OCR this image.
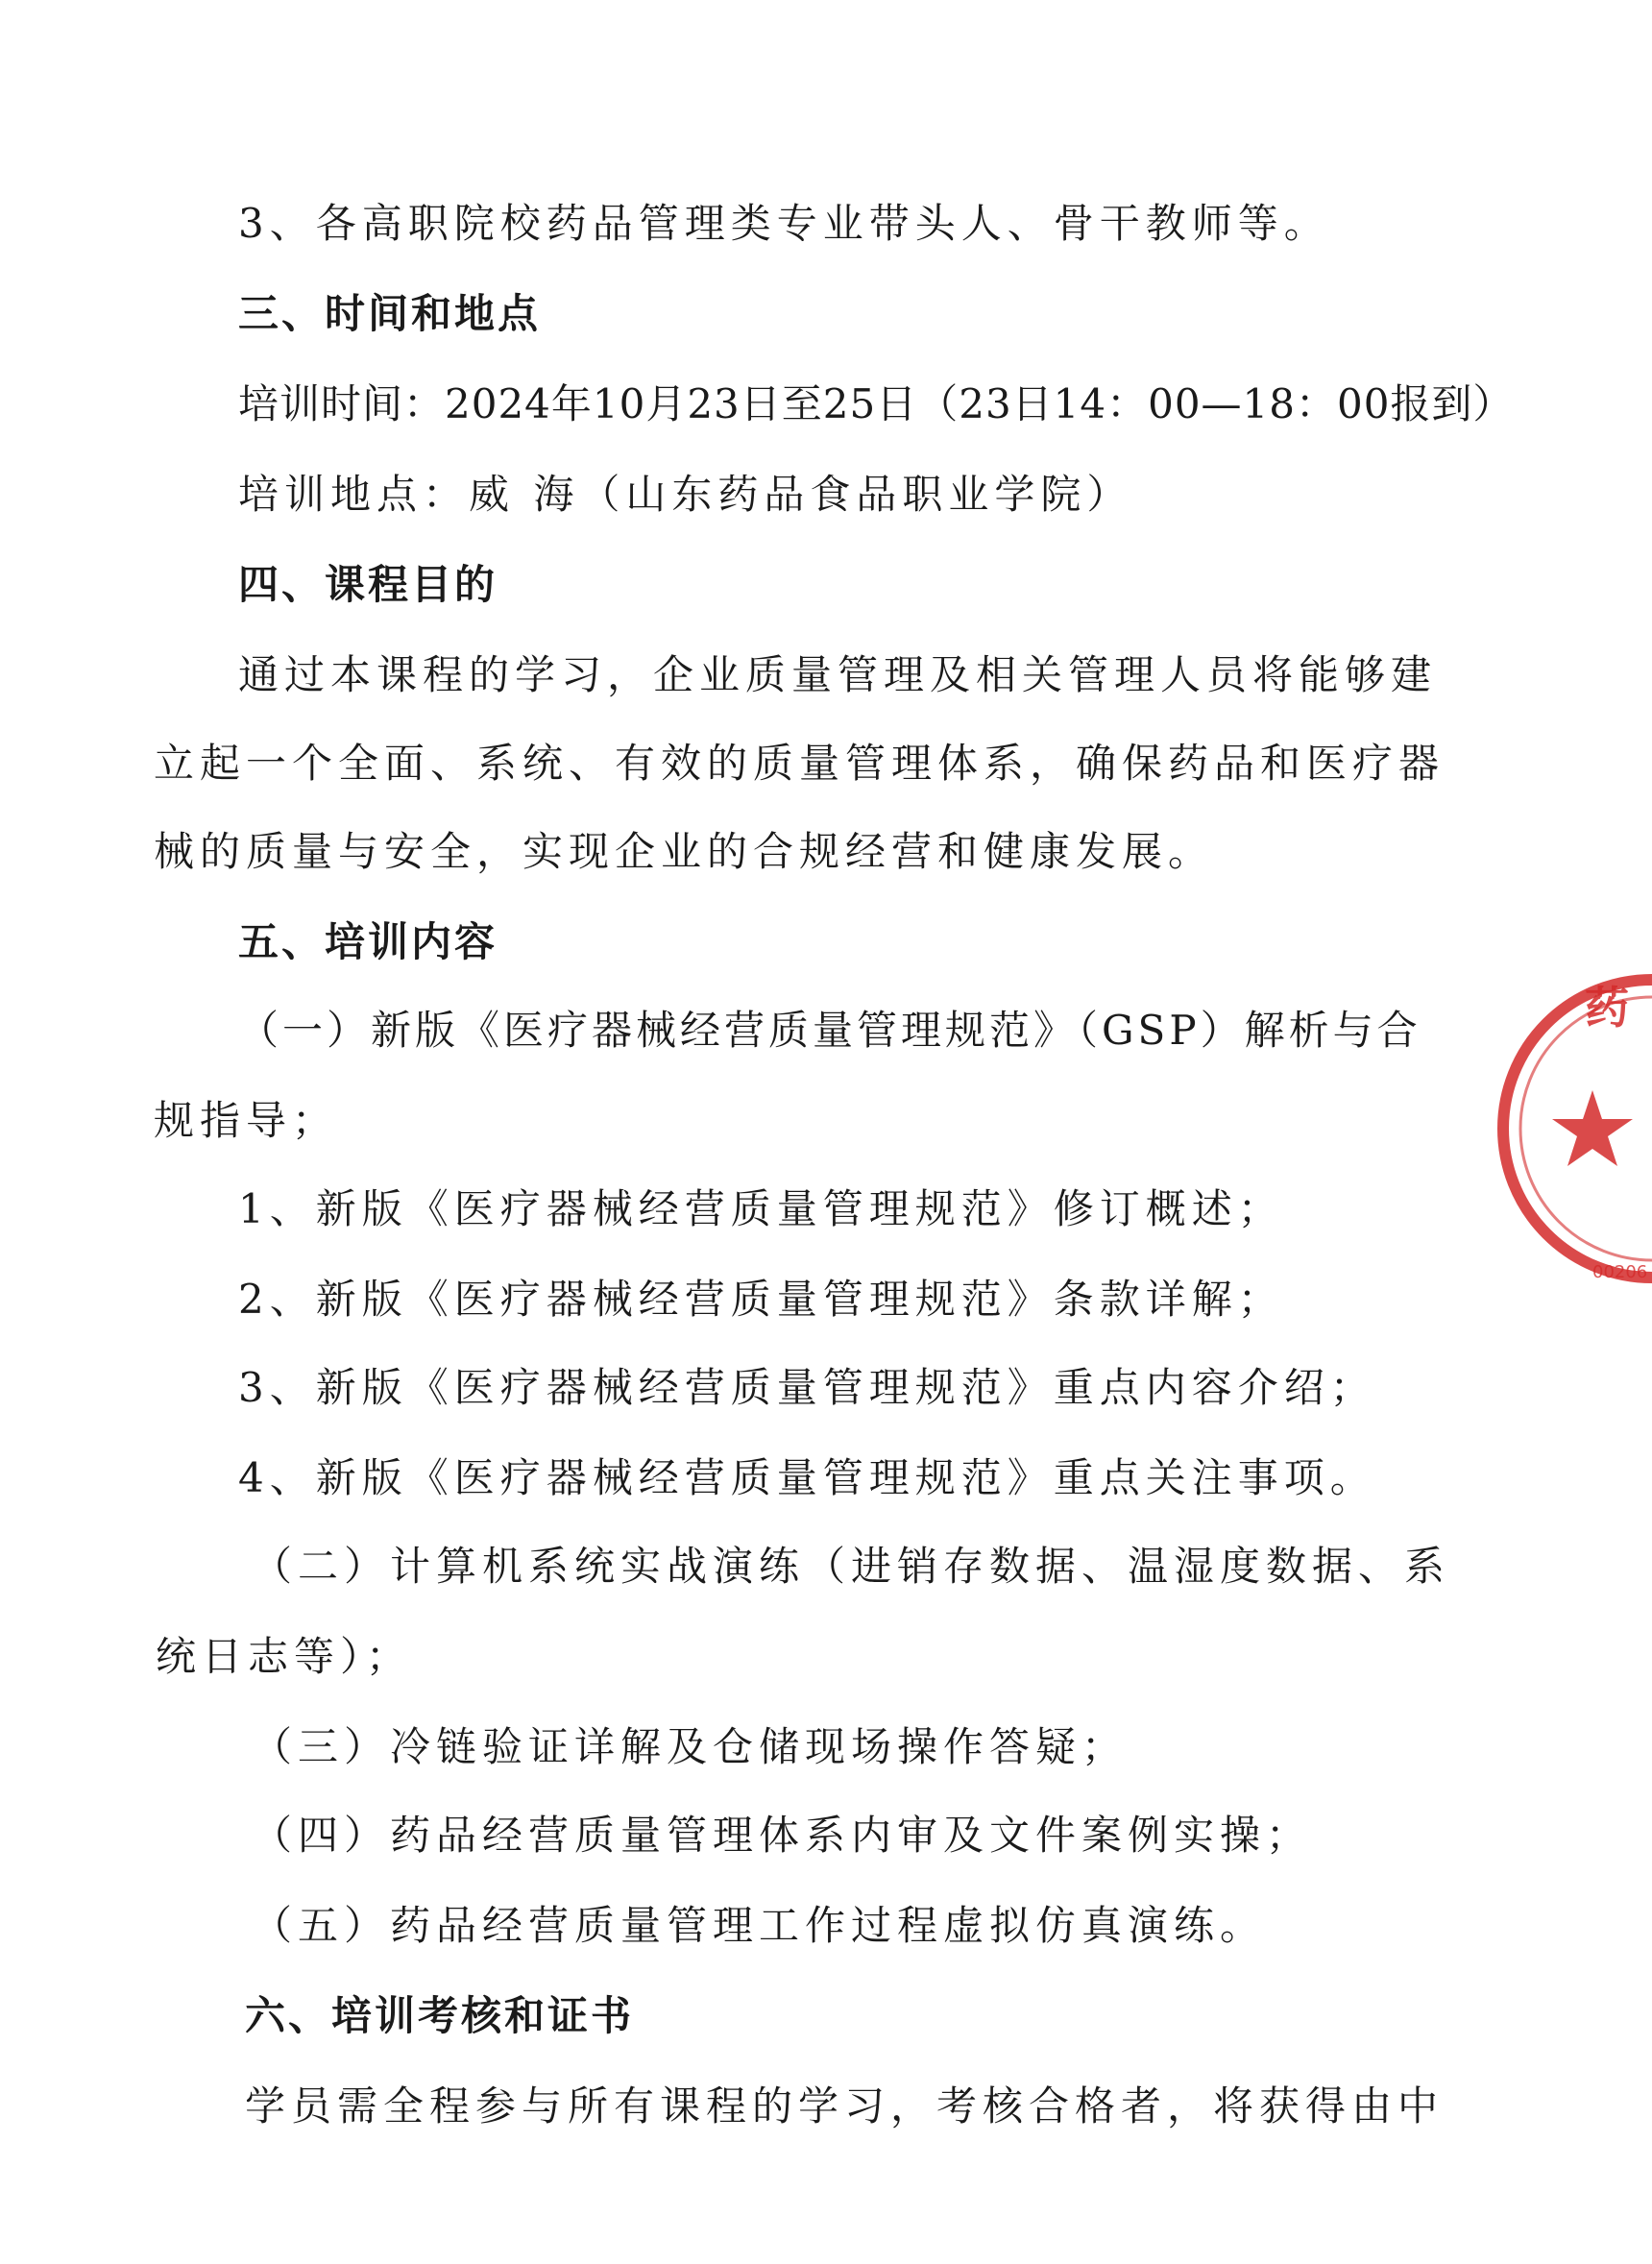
3、各高职院校药品管理类专业带头人、骨干教师等。
三、时间和地点
培训时间：2024年10月23日至25日（23日14：00—18：00报到）
培训地点：威 海（山东药品食品职业学院）
四、课程目的
通过本课程的学习，企业质量管理及相关管理人员将能够建
立起一个全面、系统、有效的质量管理体系，确保药品和医疗器
械的质量与安全，实现企业的合规经营和健康发展。
五、培训内容
（一）新版《医疗器械经营质量管理规范》（GSP）解析与合
规指导；
1、新版《医疗器械经营质量管理规范》修订概述；
2、新版《医疗器械经营质量管理规范》条款详解；
3、新版《医疗器械经营质量管理规范》重点内容介绍；
4、新版《医疗器械经营质量管理规范》重点关注事项。
（二）计算机系统实战演练（进销存数据、温湿度数据、系
统日志等）；
（三）冷链验证详解及仓储现场操作答疑；
（四）药品经营质量管理体系内审及文件案例实操；
（五）药品经营质量管理工作过程虚拟仿真演练。
六、培训考核和证书
学员需全程参与所有课程的学习，考核合格者，将获得由中
药
00206
